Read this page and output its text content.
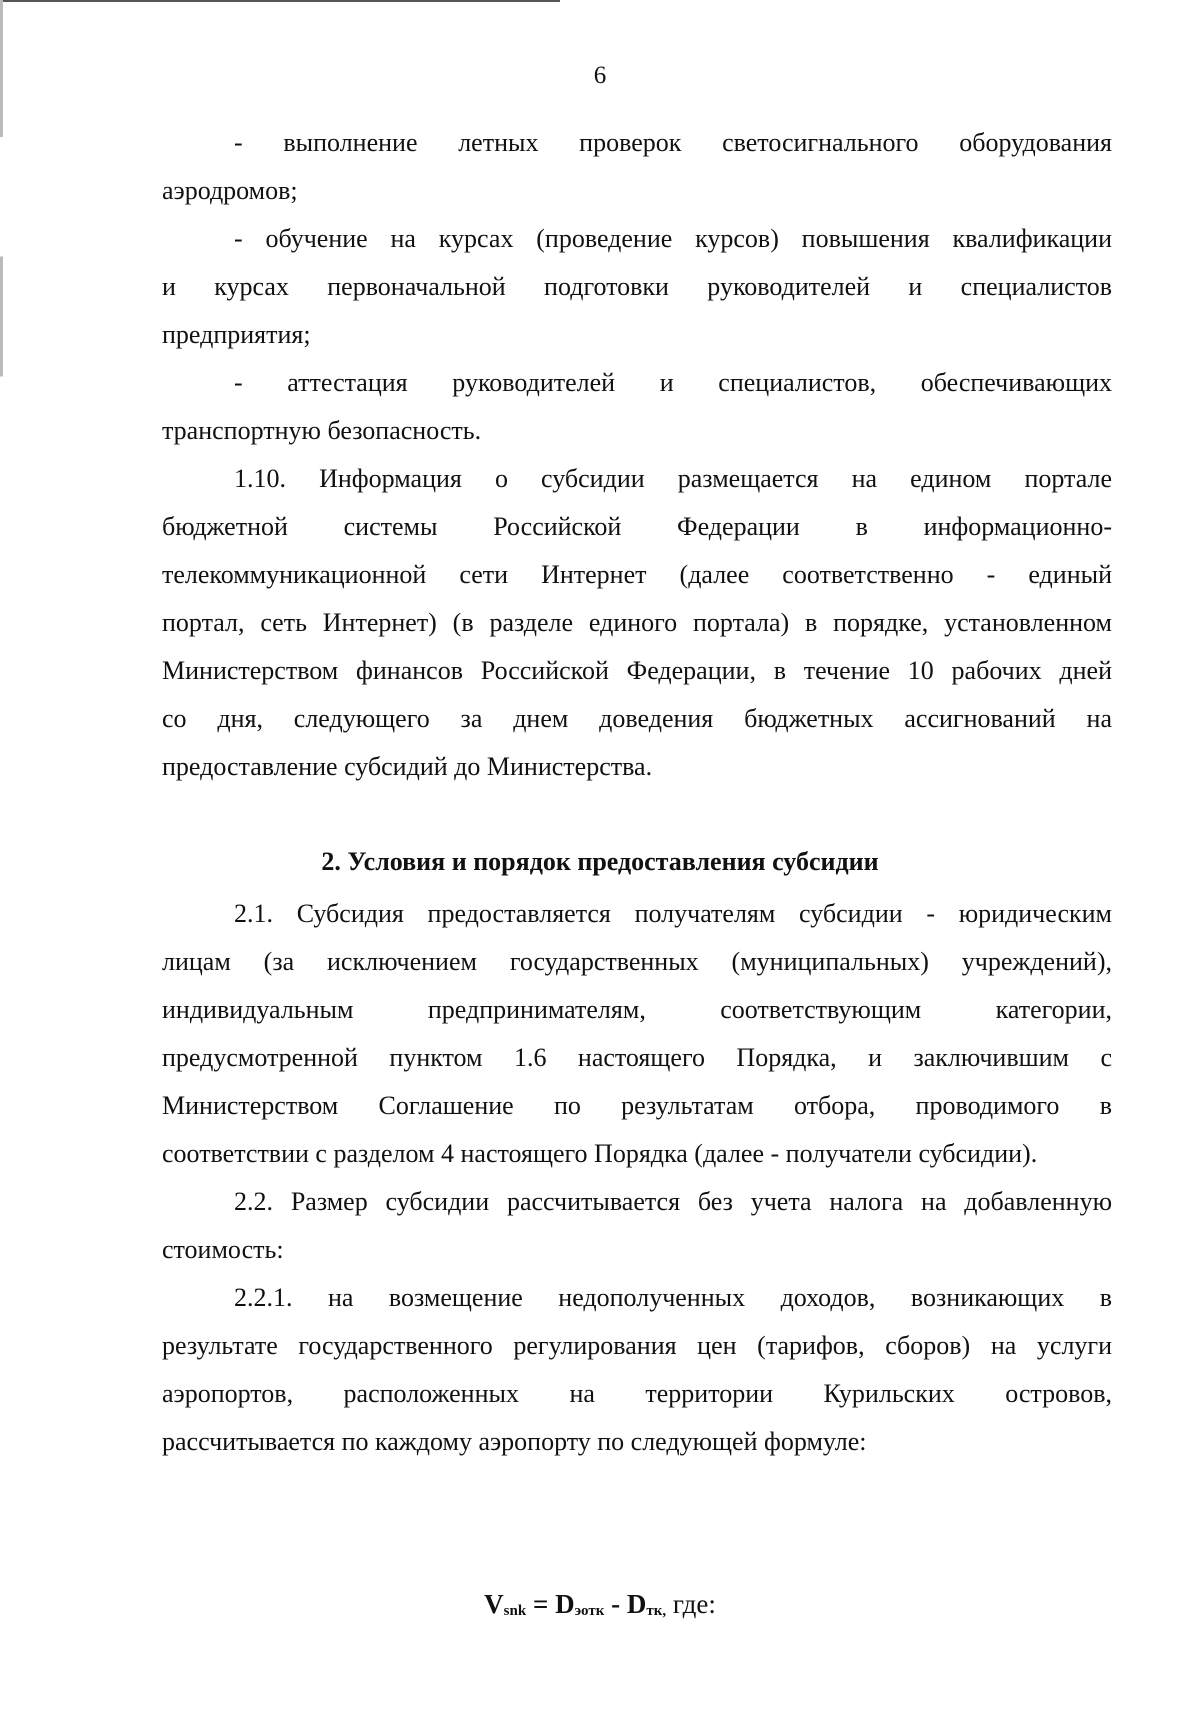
6

- выполнение летных проверок светосигнального оборудования

аэродромов;

- обучение на курсах (проведение курсов) повышения квалификации

и курсах первоначальной подготовки руководителей и специалистов

предприятия;

- аттестация руководителей и специалистов, обеспечивающих

транспортную безопасность.

1.10. Информация о субсидии размещается на едином портале

бюджетной системы Российской Федерации в информационно-

телекоммуникационной сети Интернет (далее соответственно - единый

портал, сеть Интернет) (в разделе единого портала) в порядке, установленном

Министерством финансов Российской Федерации, в течение 10 рабочих дней

со дня, следующего за днем доведения бюджетных ассигнований на

предоставление субсидий до Министерства.

2. Условия и порядок предоставления субсидии

2.1. Субсидия предоставляется получателям субсидии - юридическим

лицам (за исключением государственных (муниципальных) учреждений),

индивидуальным предпринимателям, соответствующим категории,

предусмотренной пунктом 1.6 настоящего Порядка, и заключившим с

Министерством Соглашение по результатам отбора, проводимого в

соответствии с разделом 4 настоящего Порядка (далее - получатели субсидии).

2.2. Размер субсидии рассчитывается без учета налога на добавленную

стоимость:

2.2.1. на возмещение недополученных доходов, возникающих в

результате государственного регулирования цен (тарифов, сборов) на услуги

аэропортов, расположенных на территории Курильских островов,

рассчитывается по каждому аэропорту по следующей формуле:

$V_{snk} = D_{эотк} - D_{тк,}$ где:
